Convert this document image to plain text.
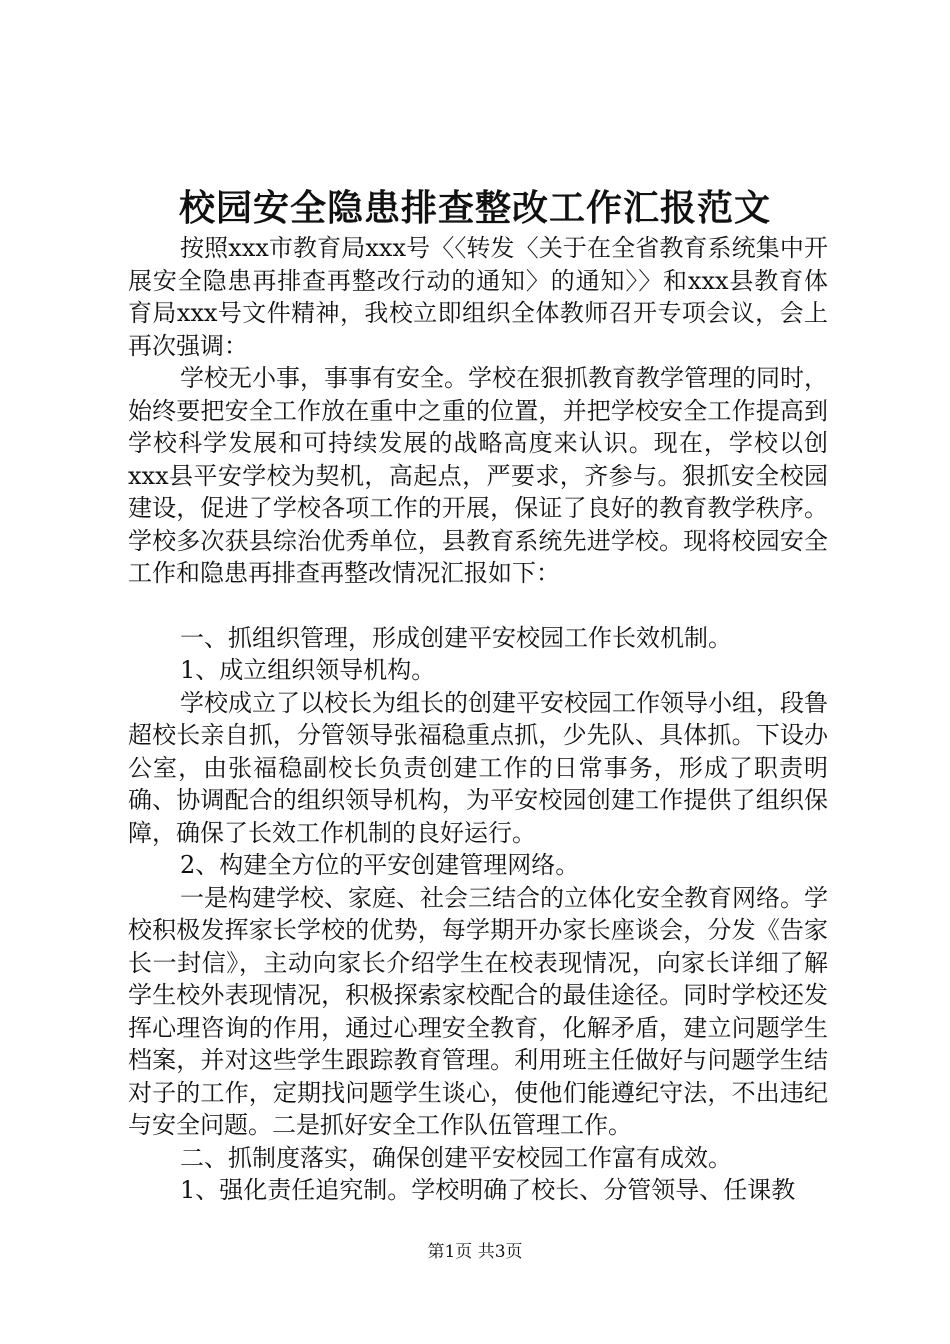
校园安全隐患排查整改工作汇报范文

按照xxx市教育局xxx号〈〈转发〈关于在全省教育系统集中开展安全隐患再排查再整改行动的通知〉的通知〉〉和xxx县教育体育局xxx号文件精神，我校立即组织全体教师召开专项会议，会上再次强调：

学校无小事，事事有安全。学校在狠抓教育教学管理的同时，始终要把安全工作放在重中之重的位置，并把学校安全工作提高到学校科学发展和可持续发展的战略高度来认识。现在，学校以创xxx县平安学校为契机，高起点，严要求，齐参与。狠抓安全校园建设，促进了学校各项工作的开展，保证了良好的教育教学秩序。学校多次获县综治优秀单位，县教育系统先进学校。现将校园安全工作和隐患再排查再整改情况汇报如下：

一、抓组织管理，形成创建平安校园工作长效机制。

1、成立组织领导机构。

学校成立了以校长为组长的创建平安校园工作领导小组，段鲁超校长亲自抓，分管领导张福稳重点抓，少先队、具体抓。下设办公室，由张福稳副校长负责创建工作的日常事务，形成了职责明确、协调配合的组织领导机构，为平安校园创建工作提供了组织保障，确保了长效工作机制的良好运行。

2、构建全方位的平安创建管理网络。

一是构建学校、家庭、社会三结合的立体化安全教育网络。学校积极发挥家长学校的优势，每学期开办家长座谈会，分发《告家长一封信》，主动向家长介绍学生在校表现情况，向家长详细了解学生校外表现情况，积极探索家校配合的最佳途径。同时学校还发挥心理咨询的作用，通过心理安全教育，化解矛盾，建立问题学生档案，并对这些学生跟踪教育管理。利用班主任做好与问题学生结对子的工作，定期找问题学生谈心，使他们能遵纪守法，不出违纪与安全问题。二是抓好安全工作队伍管理工作。

二、抓制度落实，确保创建平安校园工作富有成效。

1、强化责任追究制。学校明确了校长、分管领导、任课教

第1页 共3页
